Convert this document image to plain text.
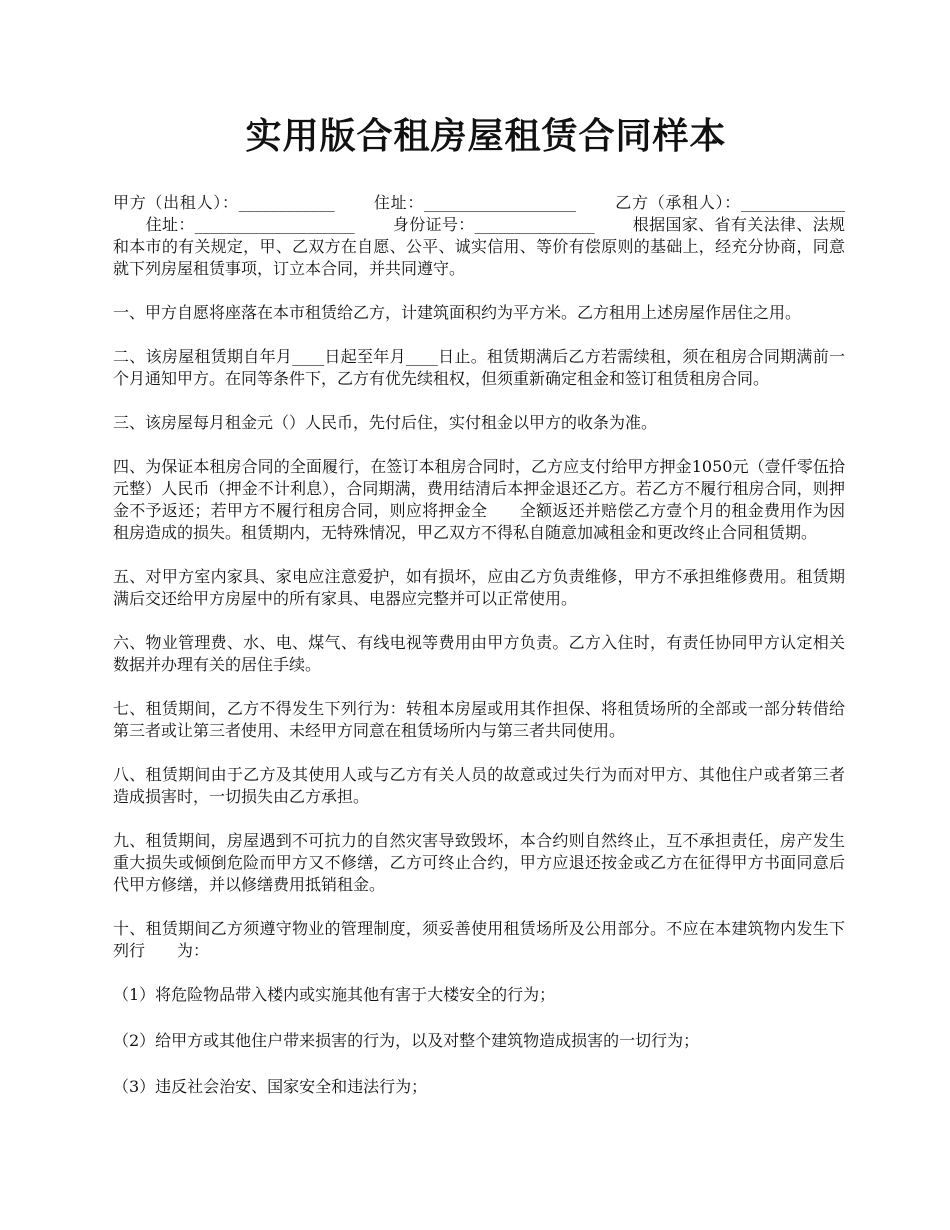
实用版合租房屋租赁合同样本

甲方（出租人）：____________ 　　住址：___________________ 　　乙方（承租人）：_____________ 　　住址：____________________ 　　身份证号：_______________ 　　根据国家、省有关法律、法规和本市的有关规定，甲、乙双方在自愿、公平、诚实信用、等价有偿原则的基础上，经充分协商，同意就下列房屋租赁事项，订立本合同，并共同遵守。

一、甲方自愿将座落在本市租赁给乙方，计建筑面积约为平方米。乙方租用上述房屋作居住之用。

二、该房屋租赁期自年月____日起至年月____日止。租赁期满后乙方若需续租，须在租房合同期满前一个月通知甲方。在同等条件下，乙方有优先续租权，但须重新确定租金和签订租赁租房合同。

三、该房屋每月租金元（）人民币，先付后住，实付租金以甲方的收条为准。

四、为保证本租房合同的全面履行，在签订本租房合同时，乙方应支付给甲方押金1050元（壹仟零伍拾元整）人民币（押金不计利息），合同期满，费用结清后本押金退还乙方。若乙方不履行租房合同，则押金不予返还；若甲方不履行租房合同，则应将押金全　　全额返还并赔偿乙方壹个月的租金费用作为因租房造成的损失。租赁期内，无特殊情况，甲乙双方不得私自随意加减租金和更改终止合同租赁期。

五、对甲方室内家具、家电应注意爱护，如有损坏，应由乙方负责维修，甲方不承担维修费用。租赁期满后交还给甲方房屋中的所有家具、电器应完整并可以正常使用。

六、物业管理费、水、电、煤气、有线电视等费用由甲方负责。乙方入住时，有责任协同甲方认定相关数据并办理有关的居住手续。

七、租赁期间，乙方不得发生下列行为：转租本房屋或用其作担保、将租赁场所的全部或一部分转借给第三者或让第三者使用、未经甲方同意在租赁场所内与第三者共同使用。

八、租赁期间由于乙方及其使用人或与乙方有关人员的故意或过失行为而对甲方、其他住户或者第三者造成损害时，一切损失由乙方承担。

九、租赁期间，房屋遇到不可抗力的自然灾害导致毁坏，本合约则自然终止，互不承担责任，房产发生重大损失或倾倒危险而甲方又不修缮，乙方可终止合约，甲方应退还按金或乙方在征得甲方书面同意后代甲方修缮，并以修缮费用抵销租金。

十、租赁期间乙方须遵守物业的管理制度，须妥善使用租赁场所及公用部分。不应在本建筑物内发生下列行　　为：

（1）将危险物品带入楼内或实施其他有害于大楼安全的行为；

（2）给甲方或其他住户带来损害的行为，以及对整个建筑物造成损害的一切行为；

（3）违反社会治安、国家安全和违法行为；
